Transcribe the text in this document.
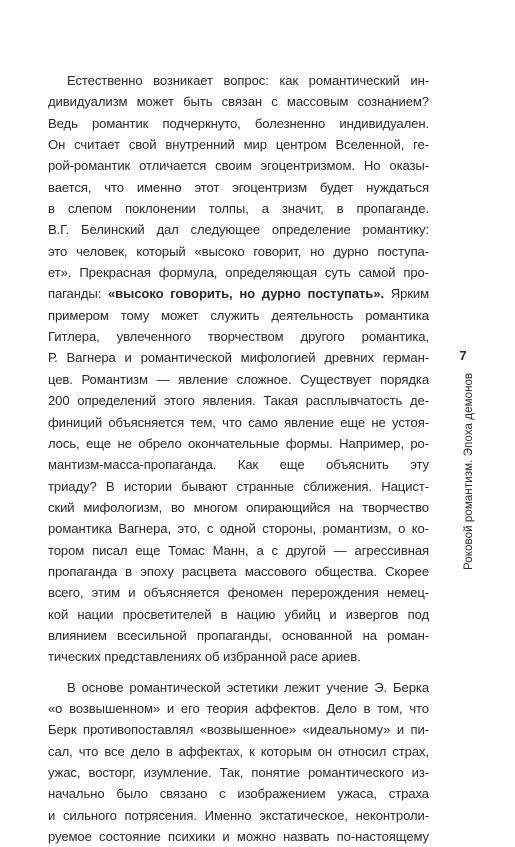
Естественно возникает вопрос: как романтический ин-
дивидуализм может быть связан с массовым сознанием?
Ведь романтик подчеркнуто, болезненно индивидуален.
Он считает свой внутренний мир центром Вселенной, ге-
рой-романтик отличается своим эгоцентризмом. Но оказы-
вается, что именно этот эгоцентризм будет нуждаться
в слепом поклонении толпы, а значит, в пропаганде.
В.Г. Белинский дал следующее определение романтику:
это человек, который «высоко говорит, но дурно поступа-
ет». Прекрасная формула, определяющая суть самой про-
паганды: «высоко говорить, но дурно поступать». Ярким
примером тому может служить деятельность романтика
Гитлера, увлеченного творчеством другого романтика,
Р. Вагнера и романтической мифологией древних герман-
цев. Романтизм — явление сложное. Существует порядка
200 определений этого явления. Такая расплывчатость де-
финиций объясняется тем, что само явление еще не устоя-
лось, еще не обрело окончательные формы. Например, ро-
мантизм-масса-пропаганда. Как еще объяснить эту
триаду? В истории бывают странные сближения. Нацист-
ский мифологизм, во многом опирающийся на творчество
романтика Вагнера, это, с одной стороны, романтизм, о ко-
тором писал еще Томас Манн, а с другой — агрессивная
пропаганда в эпоху расцвета массового общества. Скорее
всего, этим и объясняется феномен перерождения немец-
кой нации просветителей в нацию убийц и извергов под
влиянием всесильной пропаганды, основанной на роман-
тических представлениях об избранной расе ариев.
В основе романтической эстетики лежит учение Э. Берка
«о возвышенном» и его теория аффектов. Дело в том, что
Берк противопоставлял «возвышенное» «идеальному» и пи-
сал, что все дело в аффектах, к которым он относил страх,
ужас, восторг, изумление. Так, понятие романтического из-
начально было связано с изображением ужаса, страха
и сильного потрясения. Именно экстатическое, неконтроли-
руемое состояние психики и можно назвать по-настоящему
7
Роковой романтизм. Эпоха демонов
